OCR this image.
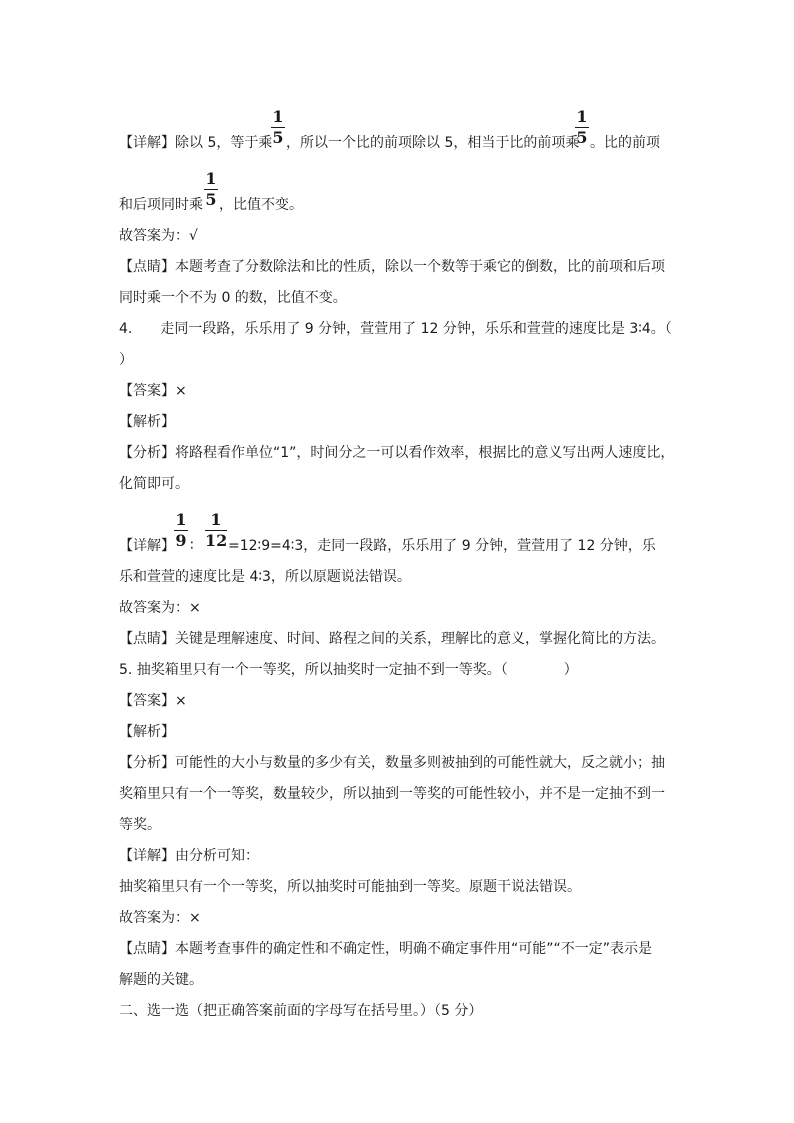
【详解】除以 5，等于乘
1
5 ，所以一个比的前项除以 5，相当于比的前项乘
1
5 。比的前项
和后项同时乘
1
5 ，比值不变。
故答案为：√
【点睛】本题考查了分数除法和比的性质，除以一个数等于乘它的倒数，比的前项和后项
同时乘一个不为 0 的数，比值不变。
4.　　走同一段路，乐乐用了 9 分钟，萱萱用了 12 分钟，乐乐和萱萱的速度比是 3∶4。（
）
【答案】×
【解析】
【分析】将路程看作单位“1”，时间分之一可以看作效率，根据比的意义写出两人速度比，
化简即可。
【详解】
1
9 ∶
1
12 =12∶9=4∶3，走同一段路，乐乐用了 9 分钟，萱萱用了 12 分钟，乐
乐和萱萱的速度比是 4∶3，所以原题说法错误。
故答案为：×
【点睛】关键是理解速度、时间、路程之间的关系，理解比的意义，掌握化简比的方法。
5. 抽奖箱里只有一个一等奖，所以抽奖时一定抽不到一等奖。（　　　　）
【答案】×
【解析】
【分析】可能性的大小与数量的多少有关，数量多则被抽到的可能性就大，反之就小；抽
奖箱里只有一个一等奖，数量较少，所以抽到一等奖的可能性较小，并不是一定抽不到一
等奖。
【详解】由分析可知：
抽奖箱里只有一个一等奖，所以抽奖时可能抽到一等奖。原题干说法错误。
故答案为：×
【点睛】本题考查事件的确定性和不确定性，明确不确定事件用“可能”“不一定”表示是
解题的关键。
二、选一选（把正确答案前面的字母写在括号里。）（5 分）
